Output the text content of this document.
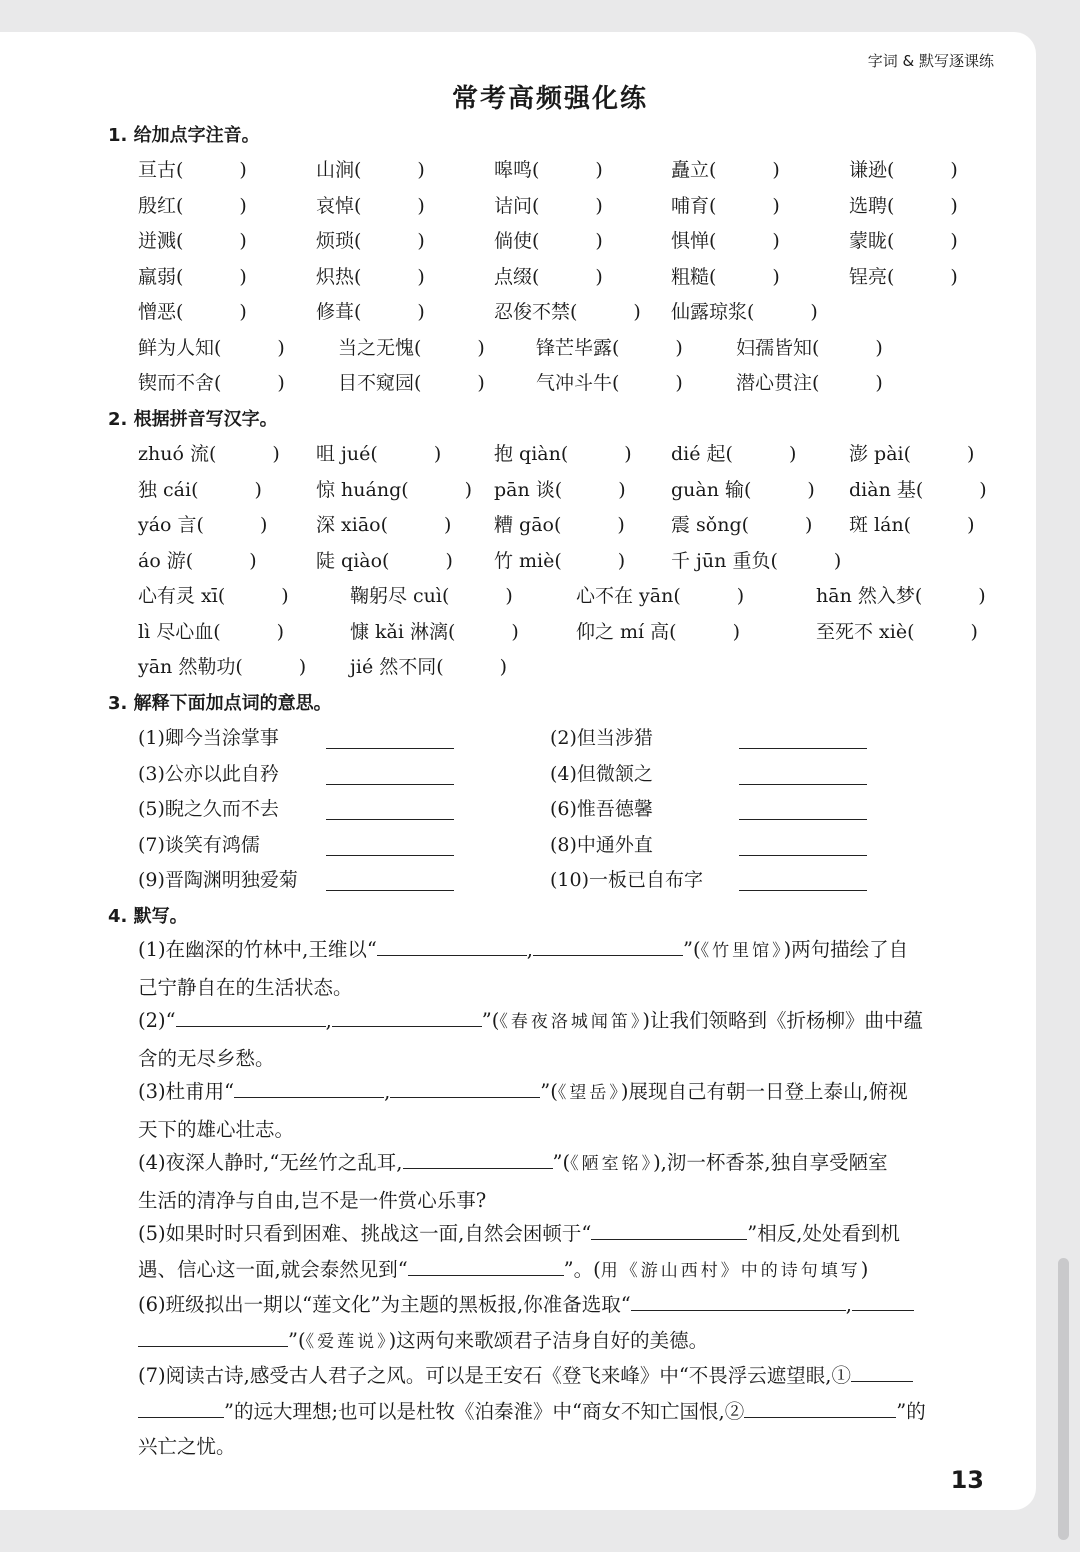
字词 & 默写逐课练
常考高频强化练
1. 给加点字注音。
亘古(	)	山涧(	)	嗥鸣(	)	矗立(	)	谦逊(	)
殷红(	)	哀悼(	)	诘问(	)	哺育(	)	选聘(	)
迸溅(	)	烦琐(	)	倘使(	)	惧惮(	)	蒙眬(	)
羸弱(	)	炽热(	)	点缀(	)	粗糙(	)	锃亮(	)
憎恶(	)	修葺(	)	忍俊不禁(	) 仙露琼浆(	)
鲜为人知(	)	当之无愧(	)	锋芒毕露(	)	妇孺皆知(	)
锲而不舍(	)	目不窥园(	)	气冲斗牛(	)	潜心贯注(	)
2. 根据拼音写汉字。
zhuó 流(	) 咀 jué(	)	抱 qiàn(	) dié 起(	)	澎 pài(	)
独 cái(	)	惊 huáng(	) pān 谈(	) guàn 输(	) diàn 基(	)
yáo 言(	)	深 xiāo(	) 糟 gāo(	) 震 sǒng(	) 斑 lán(	)
áo 游(	)	陡 qiào(	) 竹 miè(	) 千 jūn 重负(	)
心有灵 xī(	)	鞠躬尽 cuì(	)	心不在 yān(	)	hān 然入梦(	)
lì 尽心血(	)	慷 kǎi 淋漓(	)	仰之 mí 高(	)	至死不 xiè(	)
yān 然勒功(	) jié 然不同(	)
3. 解释下面加点词的意思。
(1)卿今当涂掌事	(2)但当涉猎
(3)公亦以此自矜	(4)但微颔之
(5)睨之久而不去	(6)惟吾德馨
(7)谈笑有鸿儒	(8)中通外直
(9)晋陶渊明独爱菊	(10)一板已自布字
4. 默写。
(1)在幽深的竹林中,王维以“	,	”(《竹里馆》)两句描绘了自
己宁静自在的生活状态。
(2)“	,	”(《春夜洛城闻笛》)让我们领略到《折杨柳》曲中蕴
含的无尽乡愁。
(3)杜甫用“	,	”(《望岳》)展现自己有朝一日登上泰山,俯视
天下的雄心壮志。
(4)夜深人静时,“无丝竹之乱耳,	”(《陋室铭》),沏一杯香茶,独自享受陋室
生活的清净与自由,岂不是一件赏心乐事?
(5)如果时时只看到困难、挑战这一面,自然会困顿于“	”相反,处处看到机
遇、信心这一面,就会泰然见到“	”。(用《游山西村》中的诗句填写)
(6)班级拟出一期以“莲文化”为主题的黑板报,你准备选取“	,
”(《爱莲说》)这两句来歌颂君子洁身自好的美德。
(7)阅读古诗,感受古人君子之风。可以是王安石《登飞来峰》中“不畏浮云遮望眼,①
”的远大理想;也可以是杜牧《泊秦淮》中“商女不知亡国恨,②	”的
兴亡之忧。
13
